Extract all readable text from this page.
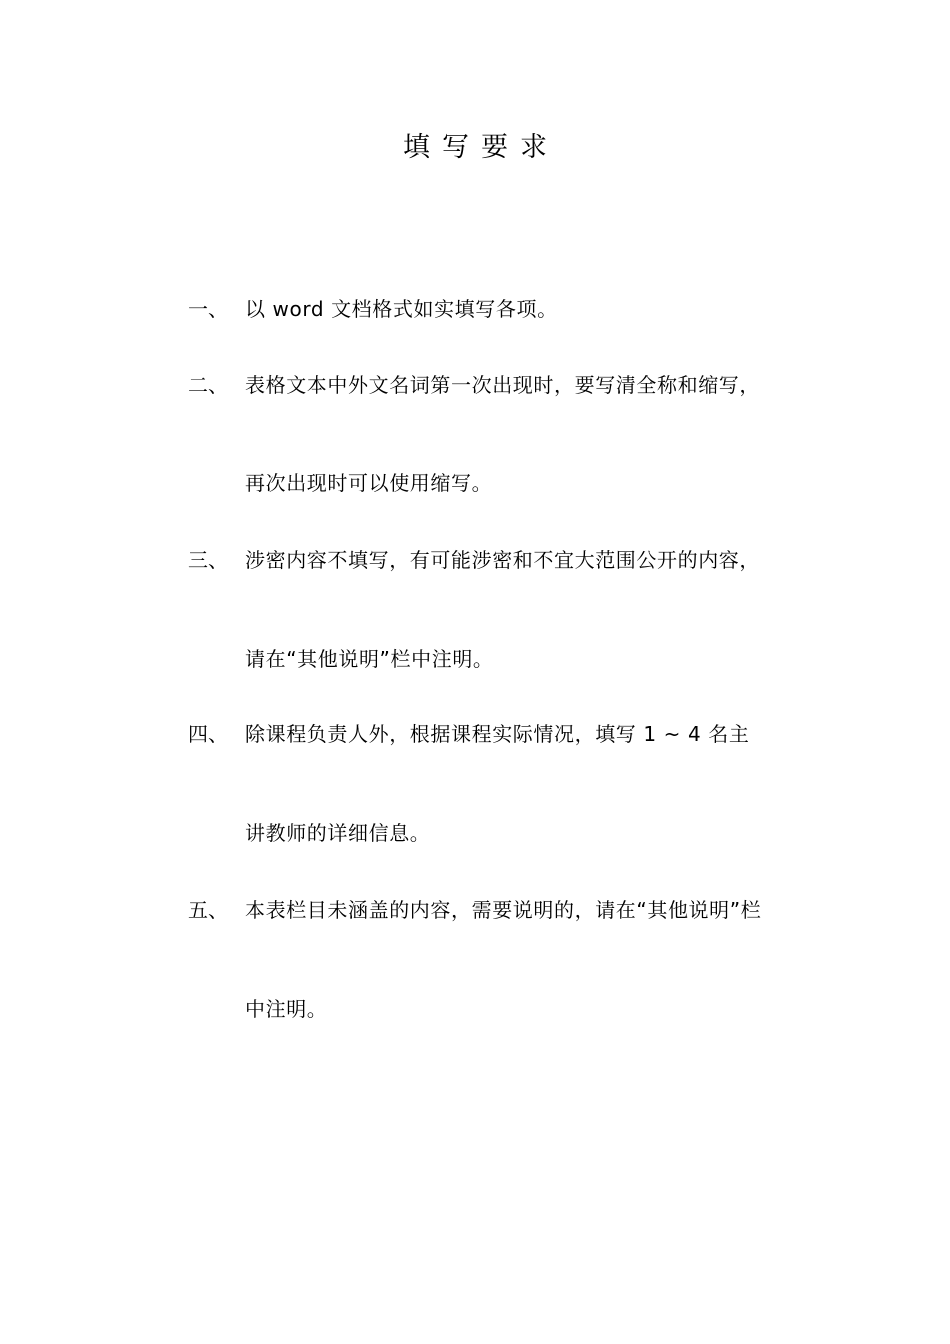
填写要求
一、 以 word 文档格式如实填写各项。
二、 表格文本中外文名词第一次出现时，要写清全称和缩写，
再次出现时可以使用缩写。
三、 涉密内容不填写，有可能涉密和不宜大范围公开的内容，
请在“其他说明”栏中注明。
四、 除课程负责人外，根据课程实际情况，填写 1 ~ 4 名主
讲教师的详细信息。
五、 本表栏目未涵盖的内容，需要说明的，请在“其他说明”栏
中注明。
